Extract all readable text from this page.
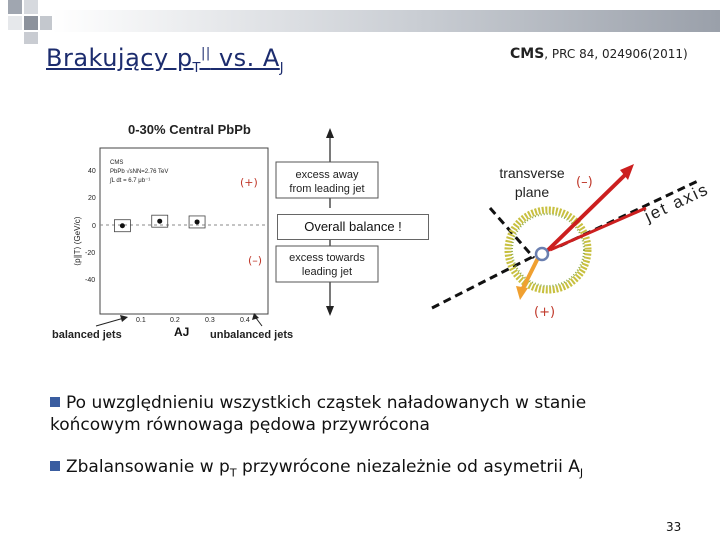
Brakujący $p_T^{||}$ vs. $A_J$
CMS, PRC 84, 024906(2011)
0-30% Central PbPb
CMS
PbPb √sNN=2.76 TeV
∫L dt = 6.7 μb⁻¹
40
20
0
-20
-40
0.1	0.2	0.3	0.4
⟨p∥T⟩ (GeV/c)
(+)
excess away
from leading jet
(–) excess towards
leading jet
balanced jets	AJ unbalanced jets
Overall balance !
transverse
plane
(–)	jet axis
(+)
Po uwzględnieniu wszystkich cząstek naładowanych w stanie
końcowym równowaga pędowa przywrócona
Zbalansowanie w $p_T$ przywrócone niezależnie od asymetrii $A_J$
33
